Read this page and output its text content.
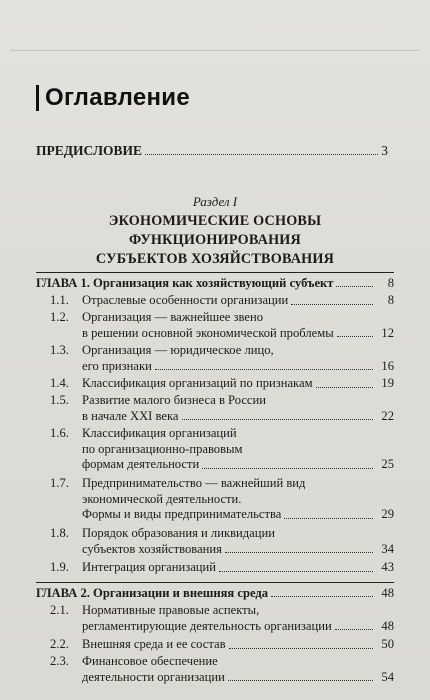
Оглавление
ПРЕДИСЛОВИЕ	3
Раздел I
ЭКОНОМИЧЕСКИЕ ОСНОВЫ
ФУНКЦИОНИРОВАНИЯ
СУБЪЕКТОВ ХОЗЯЙСТВОВАНИЯ
ГЛАВА 1. Организация как хозяйствующий субъект	8
1.1.	Отраслевые особенности организации	8
1.2.	Организация — важнейшее звено
в решении основной экономической проблемы	12
1.3.	Организация — юридическое лицо,
его признаки	16
1.4.	Классификация организаций по признакам	19
1.5.	Развитие малого бизнеса в России
в начале XXI века	22
1.6.	Классификация организаций
по организационно-правовым
формам деятельности	25
1.7.	Предпринимательство — важнейший вид
экономической деятельности.
Формы и виды предпринимательства	29
1.8.	Порядок образования и ликвидации
субъектов хозяйствования	34
1.9.	Интеграция организаций	43
ГЛАВА 2. Организации и внешняя среда	48
2.1.	Нормативные правовые аспекты,
регламентирующие деятельность организации	48
2.2.	Внешняя среда и ее состав	50
2.3.	Финансовое обеспечение
деятельности организации	54
